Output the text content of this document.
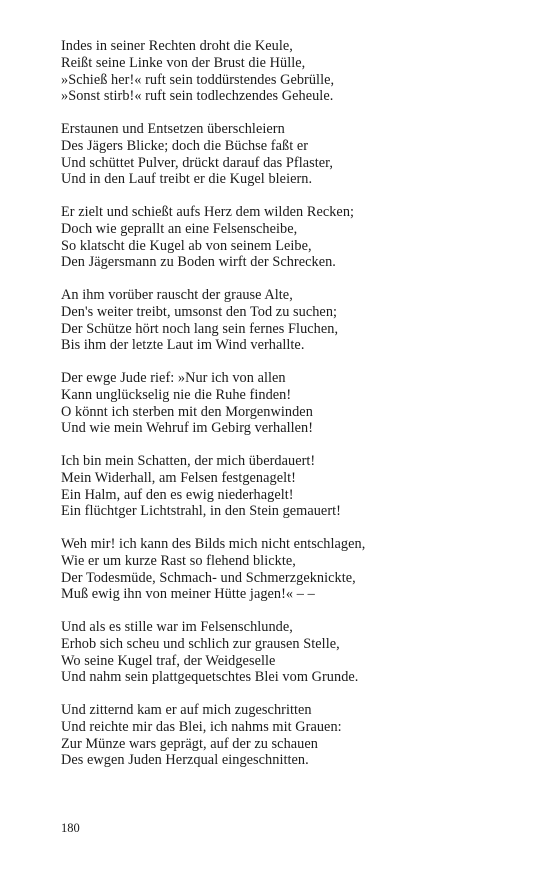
Indes in seiner Rechten droht die Keule,
Reißt seine Linke von der Brust die Hülle,
»Schieß her!« ruft sein toddürstendes Gebrülle,
»Sonst stirb!« ruft sein todlechzendes Geheule.
Erstaunen und Entsetzen überschleiern
Des Jägers Blicke; doch die Büchse faßt er
Und schüttet Pulver, drückt darauf das Pflaster,
Und in den Lauf treibt er die Kugel bleiern.
Er zielt und schießt aufs Herz dem wilden Recken;
Doch wie geprallt an eine Felsenscheibe,
So klatscht die Kugel ab von seinem Leibe,
Den Jägersmann zu Boden wirft der Schrecken.
An ihm vorüber rauscht der grause Alte,
Den's weiter treibt, umsonst den Tod zu suchen;
Der Schütze hört noch lang sein fernes Fluchen,
Bis ihm der letzte Laut im Wind verhallte.
Der ewge Jude rief: »Nur ich von allen
Kann unglückselig nie die Ruhe finden!
O könnt ich sterben mit den Morgenwinden
Und wie mein Wehruf im Gebirg verhallen!
Ich bin mein Schatten, der mich überdauert!
Mein Widerhall, am Felsen festgenagelt!
Ein Halm, auf den es ewig niederhagelt!
Ein flüchtger Lichtstrahl, in den Stein gemauert!
Weh mir! ich kann des Bilds mich nicht entschlagen,
Wie er um kurze Rast so flehend blickte,
Der Todesmüde, Schmach- und Schmerzgeknickte,
Muß ewig ihn von meiner Hütte jagen!« – –
Und als es stille war im Felsenschlunde,
Erhob sich scheu und schlich zur grausen Stelle,
Wo seine Kugel traf, der Weidgeselle
Und nahm sein plattgequetschtes Blei vom Grunde.
Und zitternd kam er auf mich zugeschritten
Und reichte mir das Blei, ich nahms mit Grauen:
Zur Münze wars geprägt, auf der zu schauen
Des ewgen Juden Herzqual eingeschnitten.
180
